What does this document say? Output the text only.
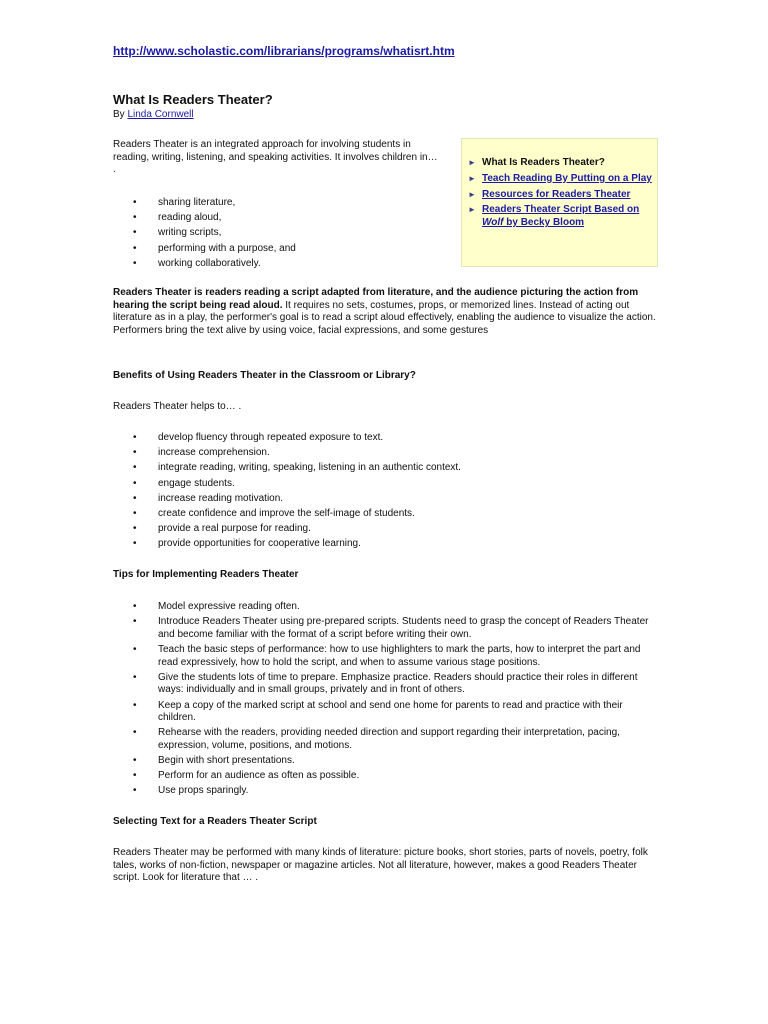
http://www.scholastic.com/librarians/programs/whatisrt.htm
What Is Readers Theater?
By Linda Cornwell

Readers Theater is an integrated approach for involving students in reading, writing, listening, and speaking activities. It involves children in… .

• sharing literature,
• reading aloud,
• writing scripts,
• performing with a purpose, and
• working collaboratively.
► What Is Readers Theater?
► Teach Reading By Putting on a Play
► Resources for Readers Theater
► Readers Theater Script Based on Wolf by Becky Bloom

Readers Theater is readers reading a script adapted from literature, and the audience picturing the action from hearing the script being read aloud. It requires no sets, costumes, props, or memorized lines. Instead of acting out literature as in a play, the performer's goal is to read a script aloud effectively, enabling the audience to visualize the action. Performers bring the text alive by using voice, facial expressions, and some gestures

Benefits of Using Readers Theater in the Classroom or Library?
Readers Theater helps to… .
• develop fluency through repeated exposure to text.
• increase comprehension.
• integrate reading, writing, speaking, listening in an authentic context.
• engage students.
• increase reading motivation.
• create confidence and improve the self-image of students.
• provide a real purpose for reading.
• provide opportunities for cooperative learning.
Tips for Implementing Readers Theater
• Model expressive reading often.
• Introduce Readers Theater using pre-prepared scripts. Students need to grasp the concept of Readers Theater and become familiar with the format of a script before writing their own.
• Teach the basic steps of performance: how to use highlighters to mark the parts, how to interpret the part and read expressively, how to hold the script, and when to assume various stage positions.
• Give the students lots of time to prepare. Emphasize practice. Readers should practice their roles in different ways: individually and in small groups, privately and in front of others.
• Keep a copy of the marked script at school and send one home for parents to read and practice with their children.
• Rehearse with the readers, providing needed direction and support regarding their interpretation, pacing, expression, volume, positions, and motions.
• Begin with short presentations.
• Perform for an audience as often as possible.
• Use props sparingly.
Selecting Text for a Readers Theater Script

Readers Theater may be performed with many kinds of literature: picture books, short stories, parts of novels, poetry, folk tales, works of non-fiction, newspaper or magazine articles. Not all literature, however, makes a good Readers Theater script. Look for literature that … .
